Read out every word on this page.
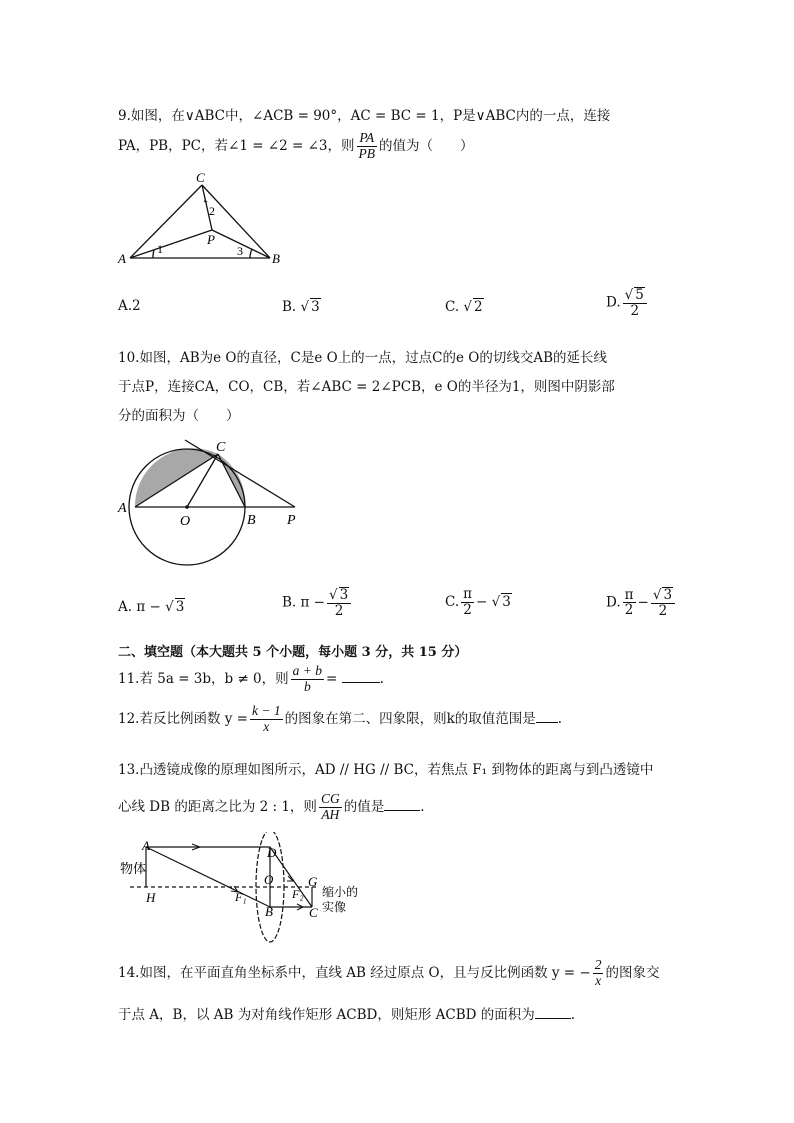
9.如图，在∨ABC中，∠ACB = 90°，AC = BC = 1，P是∨ABC内的一点，连接
PA，PB，PC，若∠1 = ∠2 = ∠3，则 $\frac{PA}{PB}$ 的值为（　　）
A	B
C
P
1
2
3
A.2	B. √ 3	C. √ 2	D. $\frac{√ 5}{2}$
10.如图，AB为e O的直径，C是e O上的一点，过点C的e O的切线交AB的延长线
于点P，连接CA，CO，CB，若∠ABC = 2∠PCB，e O的半径为1，则图中阴影部
分的面积为（　　）
A
B
C
O	P
A. π − √ 3	B. $\pi - \frac{√ 3}{2}$	C. $\frac{\pi}{2}$ − √ 3	D. $\frac{\pi}{2} - \frac{√ 3}{2}$
二、填空题（本大题共 5 个小题，每小题 3 分，共 15 分）
11.若 5a = 3b，b ≠ 0，则 $\frac{a + b}{b}$ =	.
12.若反比例函数 $y = \frac{k - 1}{x}$ 的图象在第二、四象限，则k的取值范围是 .
13.凸透镜成像的原理如图所示，AD // HG // BC，若焦点 F₁ 到物体的距离与到凸透镜中
心线 DB 的距离之比为 2 : 1，则 $\frac{CG}{AH}$ 的值是	.
A
H
物体
D
O
B
F₁	F₂
G
C
缩小的
实像
14.如图，在平面直角坐标系中，直线 AB 经过原点 O，且与反比例函数 y = − $\frac{2}{x}$ 的图象交
于点 A，B，以 AB 为对角线作矩形 ACBD，则矩形 ACBD 的面积为	.
